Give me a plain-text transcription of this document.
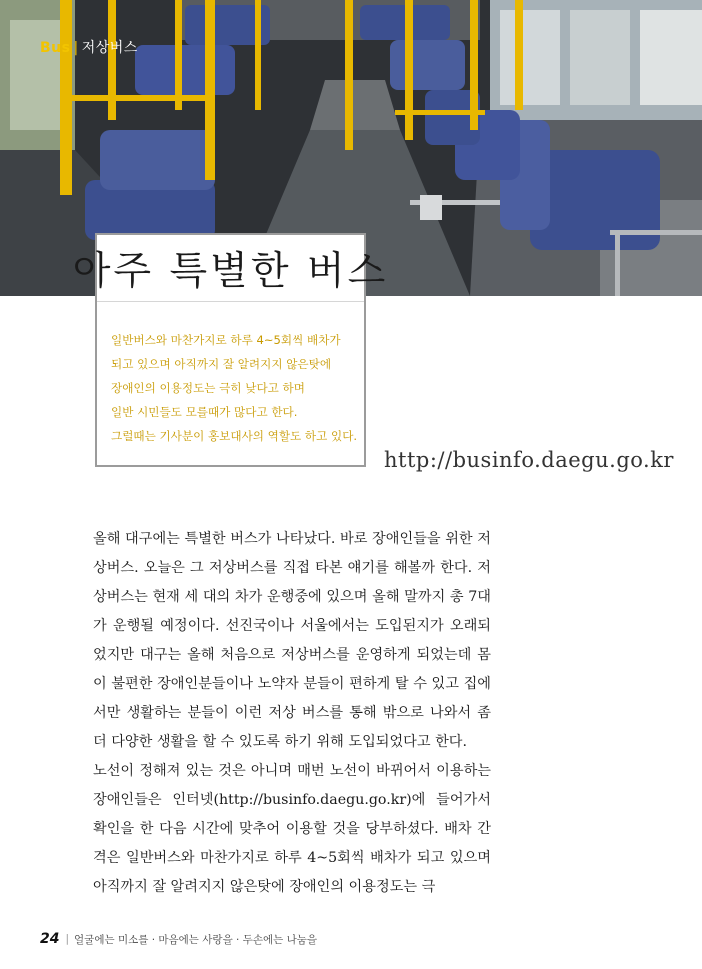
Bus | 저상버스
아주 특별한 버스
일반버스와 마찬가지로 하루 4~5회씩 배차가
되고 있으며 아직까지 잘 알려지지 않은탓에
장애인의 이용정도는 극히 낮다고 하며
일반 시민들도 모를때가 많다고 한다.
그럴때는 기사분이 홍보대사의 역할도 하고 있다.
http://businfo.daegu.go.kr

올해 대구에는 특별한 버스가 나타났다. 바로 장애인들을 위한 저상버스. 오늘은 그 저상버스를 직접 타본 얘기를 해볼까 한다. 저상버스는 현재 세 대의 차가 운행중에 있으며 올해 말까지 총 7대가 운행될 예정이다. 선진국이나 서울에서는 도입된지가 오래되었지만 대구는 올해 처음으로 저상버스를 운영하게 되었는데 몸이 불편한 장애인분들이나 노약자 분들이 편하게 탈 수 있고 집에서만 생활하는 분들이 이런 저상 버스를 통해 밖으로 나와서 좀 더 다양한 생활을 할 수 있도록 하기 위해 도입되었다고 한다.

노선이 정해져 있는 것은 아니며 매번 노선이 바뀌어서 이용하는 장애인들은 인터넷(http://businfo.daegu.go.kr)에 들어가서 확인을 한 다음 시간에 맞추어 이용할 것을 당부하셨다. 배차 간격은 일반버스와 마찬가지로 하루 4~5회씩 배차가 되고 있으며 아직까지 잘 알려지지 않은탓에 장애인의 이용정도는 극

24 | 얼굴에는 미소를 · 마음에는 사랑을 · 두손에는 나눔을
